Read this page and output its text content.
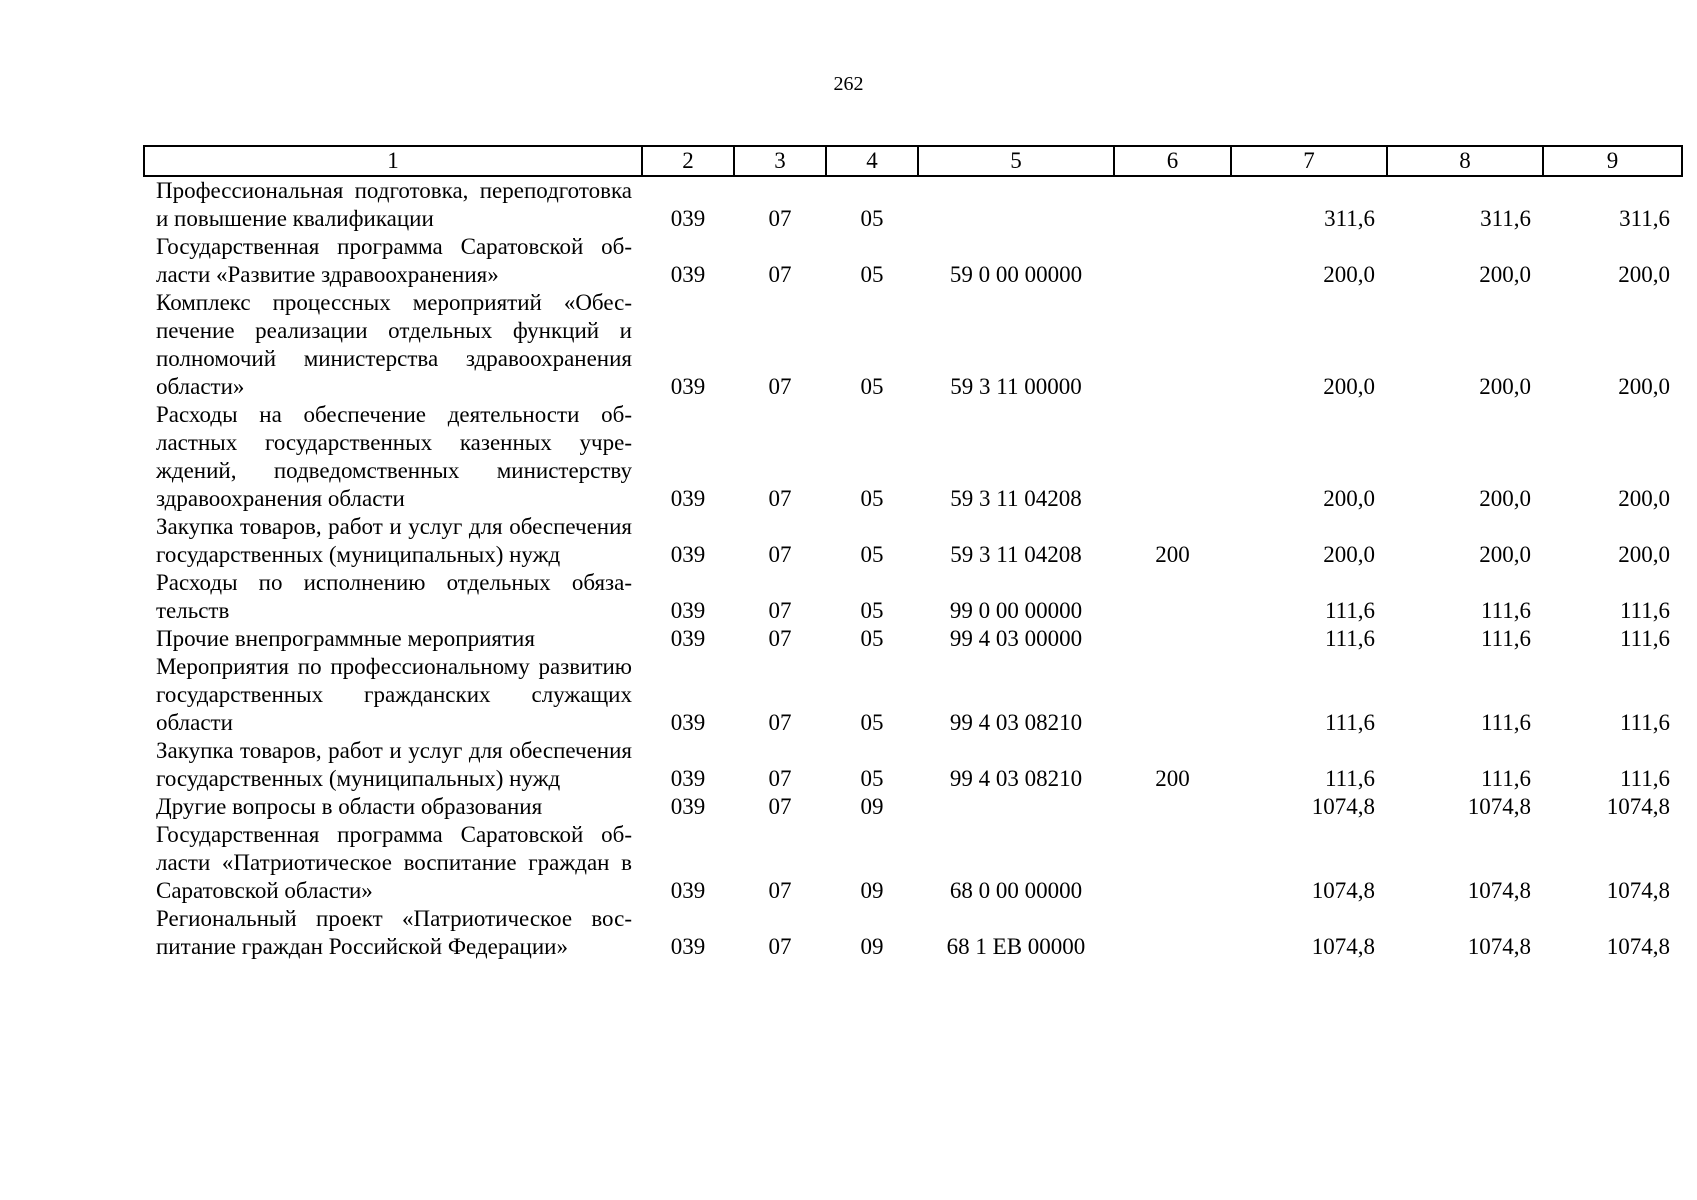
262
1	2	3	4	5	6	7	8	9
Профессиональная подготовка, переподготовка и повышение квалификации	039	07	05			311,6	311,6	311,6
Государственная программа Саратовской области «Развитие здравоохранения»	039	07	05	59 0 00 00000		200,0	200,0	200,0
Комплекс процессных мероприятий «Обеспечение реализации отдельных функций и полномочий министерства здравоохранения области»	039	07	05	59 3 11 00000		200,0	200,0	200,0
Расходы на обеспечение деятельности областных государственных казенных учреждений, подведомственных министерству здравоохранения области	039	07	05	59 3 11 04208		200,0	200,0	200,0
Закупка товаров, работ и услуг для обеспечения государственных (муниципальных) нужд	039	07	05	59 3 11 04208	200	200,0	200,0	200,0
Расходы по исполнению отдельных обязательств	039	07	05	99 0 00 00000		111,6	111,6	111,6
Прочие внепрограммные мероприятия	039	07	05	99 4 03 00000		111,6	111,6	111,6
Мероприятия по профессиональному развитию государственных гражданских служащих области	039	07	05	99 4 03 08210		111,6	111,6	111,6
Закупка товаров, работ и услуг для обеспечения государственных (муниципальных) нужд	039	07	05	99 4 03 08210	200	111,6	111,6	111,6
Другие вопросы в области образования	039	07	09			1074,8	1074,8	1074,8
Государственная программа Саратовской области «Патриотическое воспитание граждан в Саратовской области»	039	07	09	68 0 00 00000		1074,8	1074,8	1074,8
Региональный проект «Патриотическое воспитание граждан Российской Федерации»	039	07	09	68 1 ЕВ 00000		1074,8	1074,8	1074,8
